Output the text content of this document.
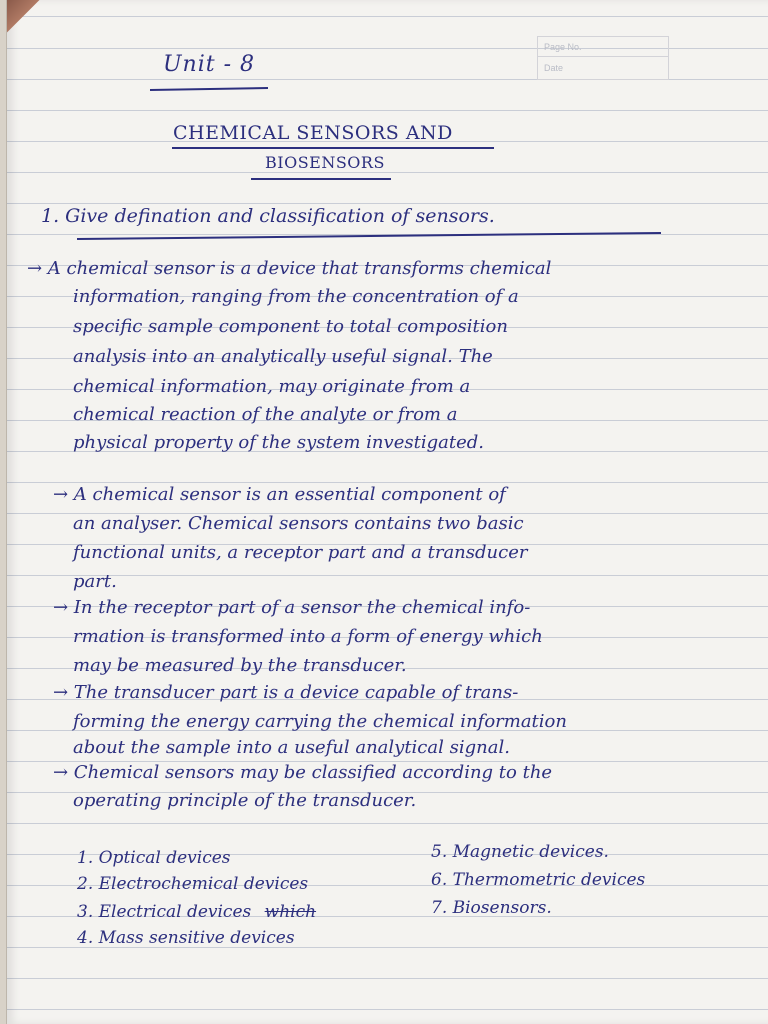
Page No.
Date
Unit - 8
CHEMICAL SENSORS AND
BIOSENSORS
1. Give defination and classification of sensors.
→ A chemical sensor is a device that transforms chemical
information, ranging from the concentration of a
specific sample component to total composition
analysis into an analytically useful signal. The
chemical information, may originate from a
chemical reaction of the analyte or from a
physical property of the system investigated.
→ A chemical sensor is an essential component of
an analyser. Chemical sensors contains two basic
functional units, a receptor part and a transducer
part.
→ In the receptor part of a sensor the chemical info-
rmation is transformed into a form of energy which
may be measured by the transducer.
→ The transducer part is a device capable of trans-
forming the energy carrying the chemical information
about the sample into a useful analytical signal.
→ Chemical sensors may be classified according to the
operating principle of the transducer.
1. Optical devices
2. Electrochemical devices
3. Electrical devices which
4. Mass sensitive devices
5. Magnetic devices.
6. Thermometric devices
7. Biosensors.
